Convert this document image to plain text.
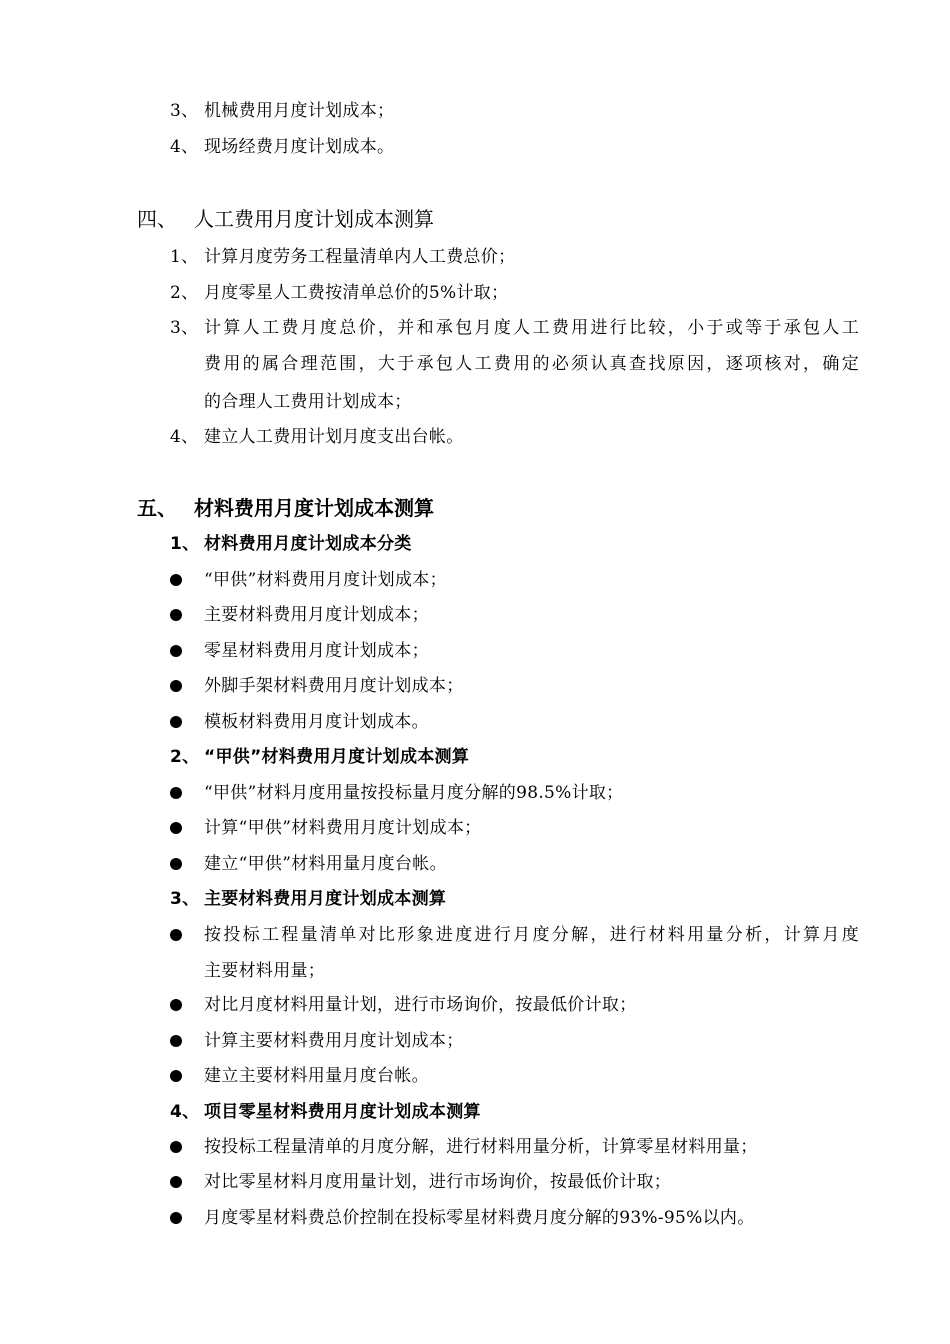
3、 机械费用月度计划成本；
4、 现场经费月度计划成本。
四、 人工费用月度计划成本测算
1、 计算月度劳务工程量清单内人工费总价；
2、 月度零星人工费按清单总价的5%计取；
3、 计算人工费月度总价，并和承包月度人工费用进行比较，小于或等于承包人工
费用的属合理范围，大于承包人工费用的必须认真查找原因，逐项核对，确定
的合理人工费用计划成本；
4、 建立人工费用计划月度支出台帐。
五、 材料费用月度计划成本测算
1、 材料费用月度计划成本分类
“甲供”材料费用月度计划成本；
主要材料费用月度计划成本；
零星材料费用月度计划成本；
外脚手架材料费用月度计划成本；
模板材料费用月度计划成本。
2、 “甲供”材料费用月度计划成本测算
“甲供”材料月度用量按投标量月度分解的98.5%计取；
计算“甲供”材料费用月度计划成本；
建立“甲供”材料用量月度台帐。
3、 主要材料费用月度计划成本测算
按投标工程量清单对比形象进度进行月度分解，进行材料用量分析，计算月度
主要材料用量；
对比月度材料用量计划，进行市场询价，按最低价计取；
计算主要材料费用月度计划成本；
建立主要材料用量月度台帐。
4、 项目零星材料费用月度计划成本测算
按投标工程量清单的月度分解，进行材料用量分析，计算零星材料用量；
对比零星材料月度用量计划，进行市场询价，按最低价计取；
月度零星材料费总价控制在投标零星材料费月度分解的93%-95%以内。
